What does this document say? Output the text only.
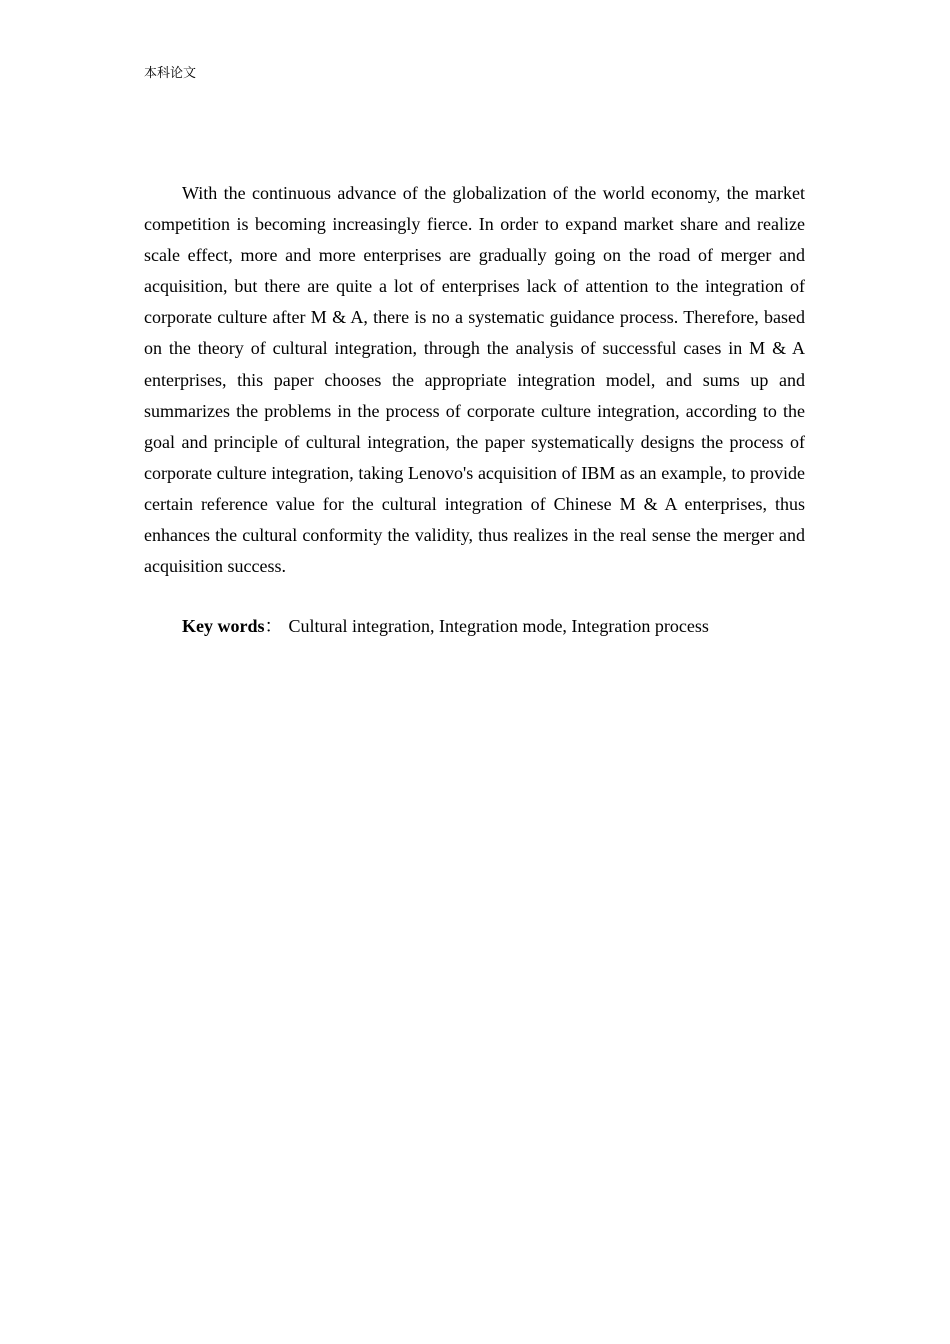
本科论文

With the continuous advance of the globalization of the world economy, the market competition is becoming increasingly fierce. In order to expand market share and realize scale effect, more and more enterprises are gradually going on the road of merger and acquisition, but there are quite a lot of enterprises lack of attention to the integration of corporate culture after M & A, there is no a systematic guidance process. Therefore, based on the theory of cultural integration, through the analysis of successful cases in M & A enterprises, this paper chooses the appropriate integration model, and sums up and summarizes the problems in the process of corporate culture integration, according to the goal and principle of cultural integration, the paper systematically designs the process of corporate culture integration, taking Lenovo's acquisition of IBM as an example, to provide certain reference value for the cultural integration of Chinese M & A enterprises, thus enhances the cultural conformity the validity, thus realizes in the real sense the merger and acquisition success.

Key words： Cultural integration, Integration mode, Integration process
